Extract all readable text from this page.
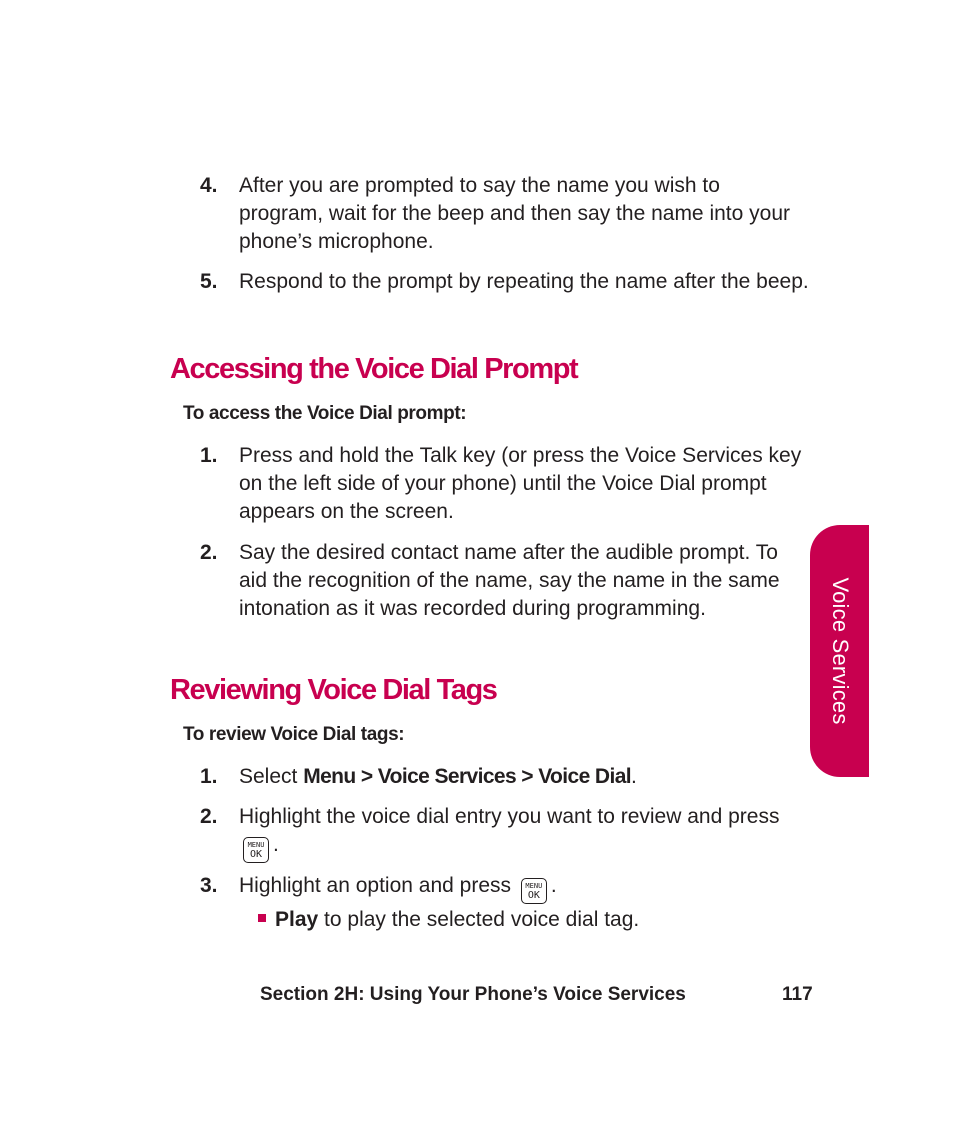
4. After you are prompted to say the name you wish to program, wait for the beep and then say the name into your phone’s microphone.
5. Respond to the prompt by repeating the name after the beep.
Accessing the Voice Dial Prompt
To access the Voice Dial prompt:
1. Press and hold the Talk key (or press the Voice Services key on the left side of your phone) until the Voice Dial prompt appears on the screen.
2. Say the desired contact name after the audible prompt. To aid the recognition of the name, say the name in the same intonation as it was recorded during programming.
Reviewing Voice Dial Tags
To review Voice Dial tags:
1. Select Menu > Voice Services > Voice Dial.
2. Highlight the voice dial entry you want to review and press MENU
OK .
3. Highlight an option and press MENU
OK .
Play to play the selected voice dial tag.
Voice Services
Section 2H: Using Your Phone’s Voice Services	117
